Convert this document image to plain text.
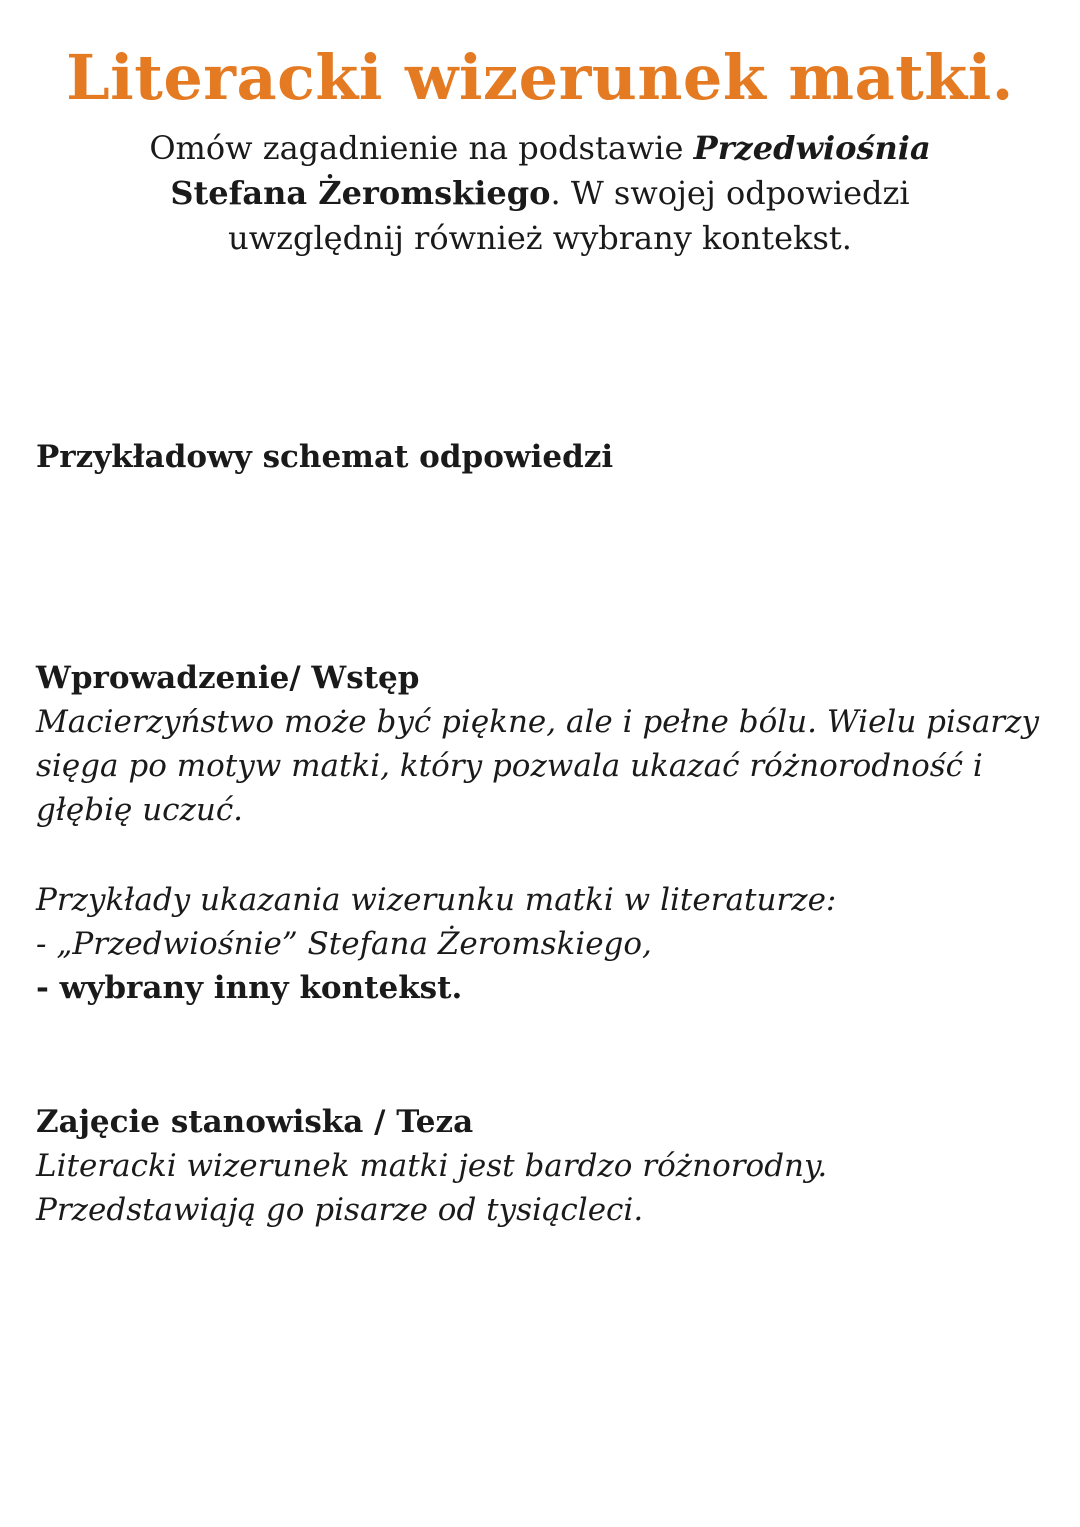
Literacki wizerunek matki.
Omów zagadnienie na podstawie Przedwiośnia Stefana Żeromskiego. W swojej odpowiedzi uwzględnij również wybrany kontekst.
Przykładowy schemat odpowiedzi
Wprowadzenie/ Wstęp

Macierzyństwo może być piękne, ale i pełne bólu. Wielu pisarzy sięga po motyw matki, który pozwala ukazać różnorodność i głębię uczuć.

Przykłady ukazania wizerunku matki w literaturze:
- „Przedwiośnie” Stefana Żeromskiego,
- wybrany inny kontekst.
Zajęcie stanowiska / Teza

Literacki wizerunek matki jest bardzo różnorodny. Przedstawiają go pisarze od tysiącleci.
